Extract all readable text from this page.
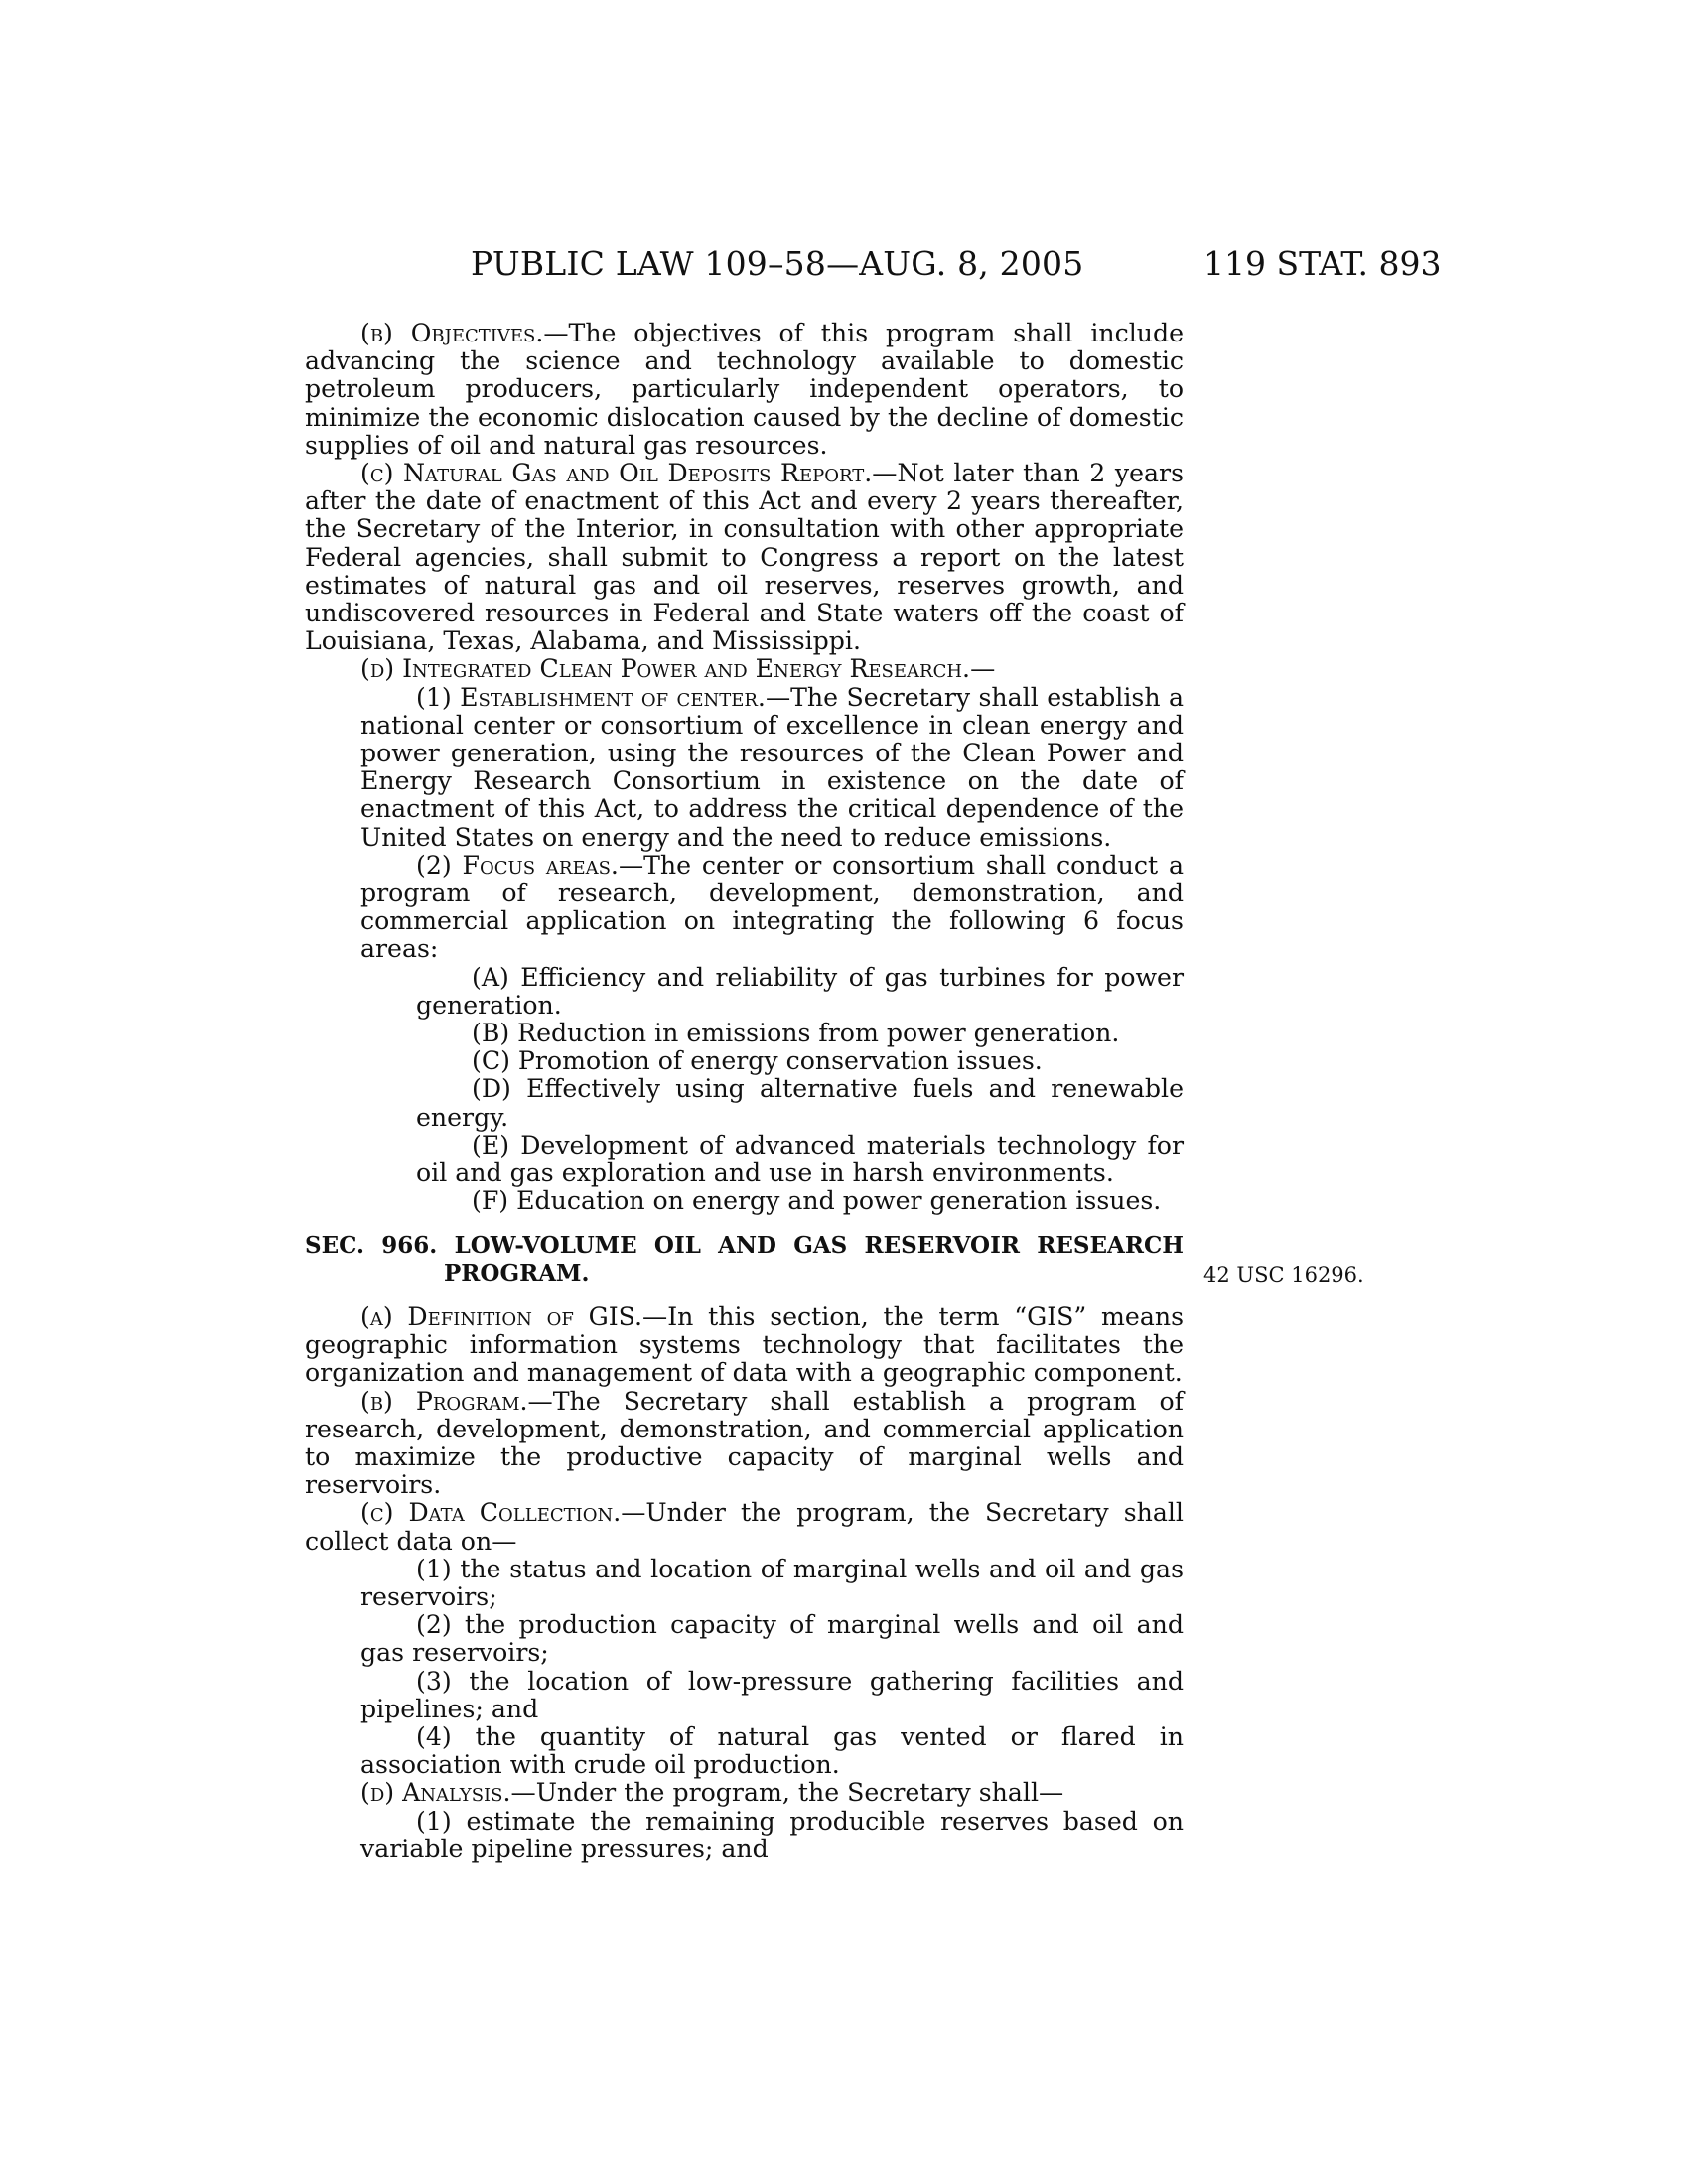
PUBLIC LAW 109–58—AUG. 8, 2005	119 STAT. 893

(b) Objectives.—The objectives of this program shall include advancing the science and technology available to domestic petroleum producers, particularly independent operators, to minimize the economic dislocation caused by the decline of domestic supplies of oil and natural gas resources.

(c) Natural Gas and Oil Deposits Report.—Not later than 2 years after the date of enactment of this Act and every 2 years thereafter, the Secretary of the Interior, in consultation with other appropriate Federal agencies, shall submit to Congress a report on the latest estimates of natural gas and oil reserves, reserves growth, and undiscovered resources in Federal and State waters off the coast of Louisiana, Texas, Alabama, and Mississippi.

(d) Integrated Clean Power and Energy Research.—

(1) Establishment of center.—The Secretary shall establish a national center or consortium of excellence in clean energy and power generation, using the resources of the Clean Power and Energy Research Consortium in existence on the date of enactment of this Act, to address the critical dependence of the United States on energy and the need to reduce emissions.

(2) Focus areas.—The center or consortium shall conduct a program of research, development, demonstration, and commercial application on integrating the following 6 focus areas:

(A) Efficiency and reliability of gas turbines for power generation.

(B) Reduction in emissions from power generation.

(C) Promotion of energy conservation issues.

(D) Effectively using alternative fuels and renewable energy.

(E) Development of advanced materials technology for oil and gas exploration and use in harsh environments.

(F) Education on energy and power generation issues.

SEC. 966. LOW-VOLUME OIL AND GAS RESERVOIR RESEARCH PROGRAM.

(a) Definition of GIS.—In this section, the term “GIS” means geographic information systems technology that facilitates the organization and management of data with a geographic component.

(b) Program.—The Secretary shall establish a program of research, development, demonstration, and commercial application to maximize the productive capacity of marginal wells and reservoirs.

(c) Data Collection.—Under the program, the Secretary shall collect data on—

(1) the status and location of marginal wells and oil and gas reservoirs;

(2) the production capacity of marginal wells and oil and gas reservoirs;

(3) the location of low-pressure gathering facilities and pipelines; and

(4) the quantity of natural gas vented or flared in association with crude oil production.

(d) Analysis.—Under the program, the Secretary shall—

(1) estimate the remaining producible reserves based on variable pipeline pressures; and

42 USC 16296.
